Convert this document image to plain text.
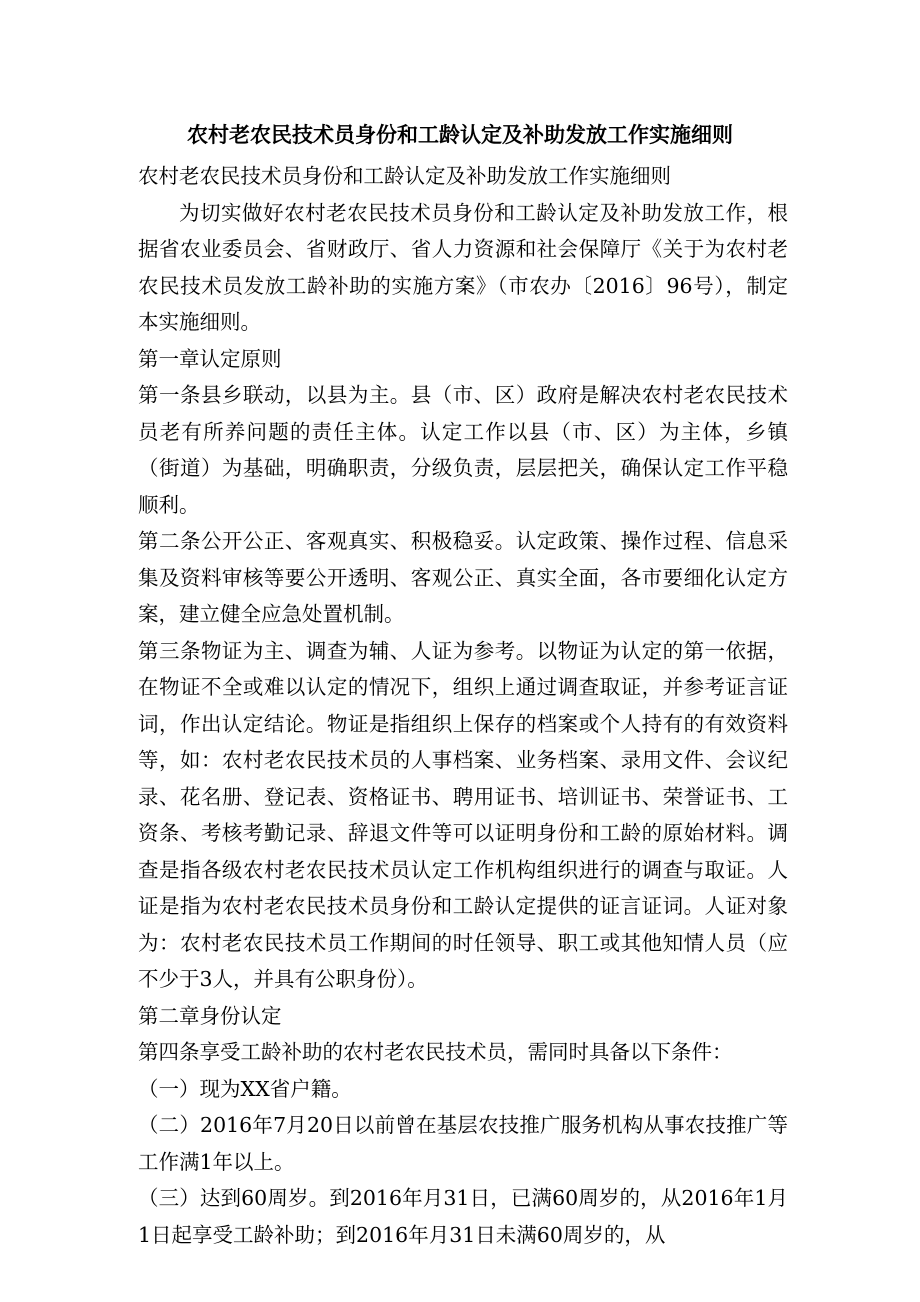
农村老农民技术员身份和工龄认定及补助发放工作实施细则

农村老农民技术员身份和工龄认定及补助发放工作实施细则

为切实做好农村老农民技术员身份和工龄认定及补助发放工作，根据省农业委员会、省财政厅、省人力资源和社会保障厅《关于为农村老农民技术员发放工龄补助的实施方案》（市农办〔2016〕96号），制定本实施细则。

第一章认定原则

第一条县乡联动，以县为主。县（市、区）政府是解决农村老农民技术员老有所养问题的责任主体。认定工作以县（市、区）为主体，乡镇（街道）为基础，明确职责，分级负责，层层把关，确保认定工作平稳顺利。

第二条公开公正、客观真实、积极稳妥。认定政策、操作过程、信息采集及资料审核等要公开透明、客观公正、真实全面，各市要细化认定方案，建立健全应急处置机制。

第三条物证为主、调查为辅、人证为参考。以物证为认定的第一依据，在物证不全或难以认定的情况下，组织上通过调查取证，并参考证言证词，作出认定结论。物证是指组织上保存的档案或个人持有的有效资料等，如：农村老农民技术员的人事档案、业务档案、录用文件、会议纪录、花名册、登记表、资格证书、聘用证书、培训证书、荣誉证书、工资条、考核考勤记录、辞退文件等可以证明身份和工龄的原始材料。调查是指各级农村老农民技术员认定工作机构组织进行的调查与取证。人证是指为农村老农民技术员身份和工龄认定提供的证言证词。人证对象为：农村老农民技术员工作期间的时任领导、职工或其他知情人员（应不少于3人，并具有公职身份）。

第二章身份认定

第四条享受工龄补助的农村老农民技术员，需同时具备以下条件：

（一）现为XX省户籍。

（二）2016年7月20日以前曾在基层农技推广服务机构从事农技推广等工作满1年以上。

（三）达到60周岁。到2016年月31日，已满60周岁的，从2016年1月1日起享受工龄补助；到2016年月31日未满60周岁的，从
